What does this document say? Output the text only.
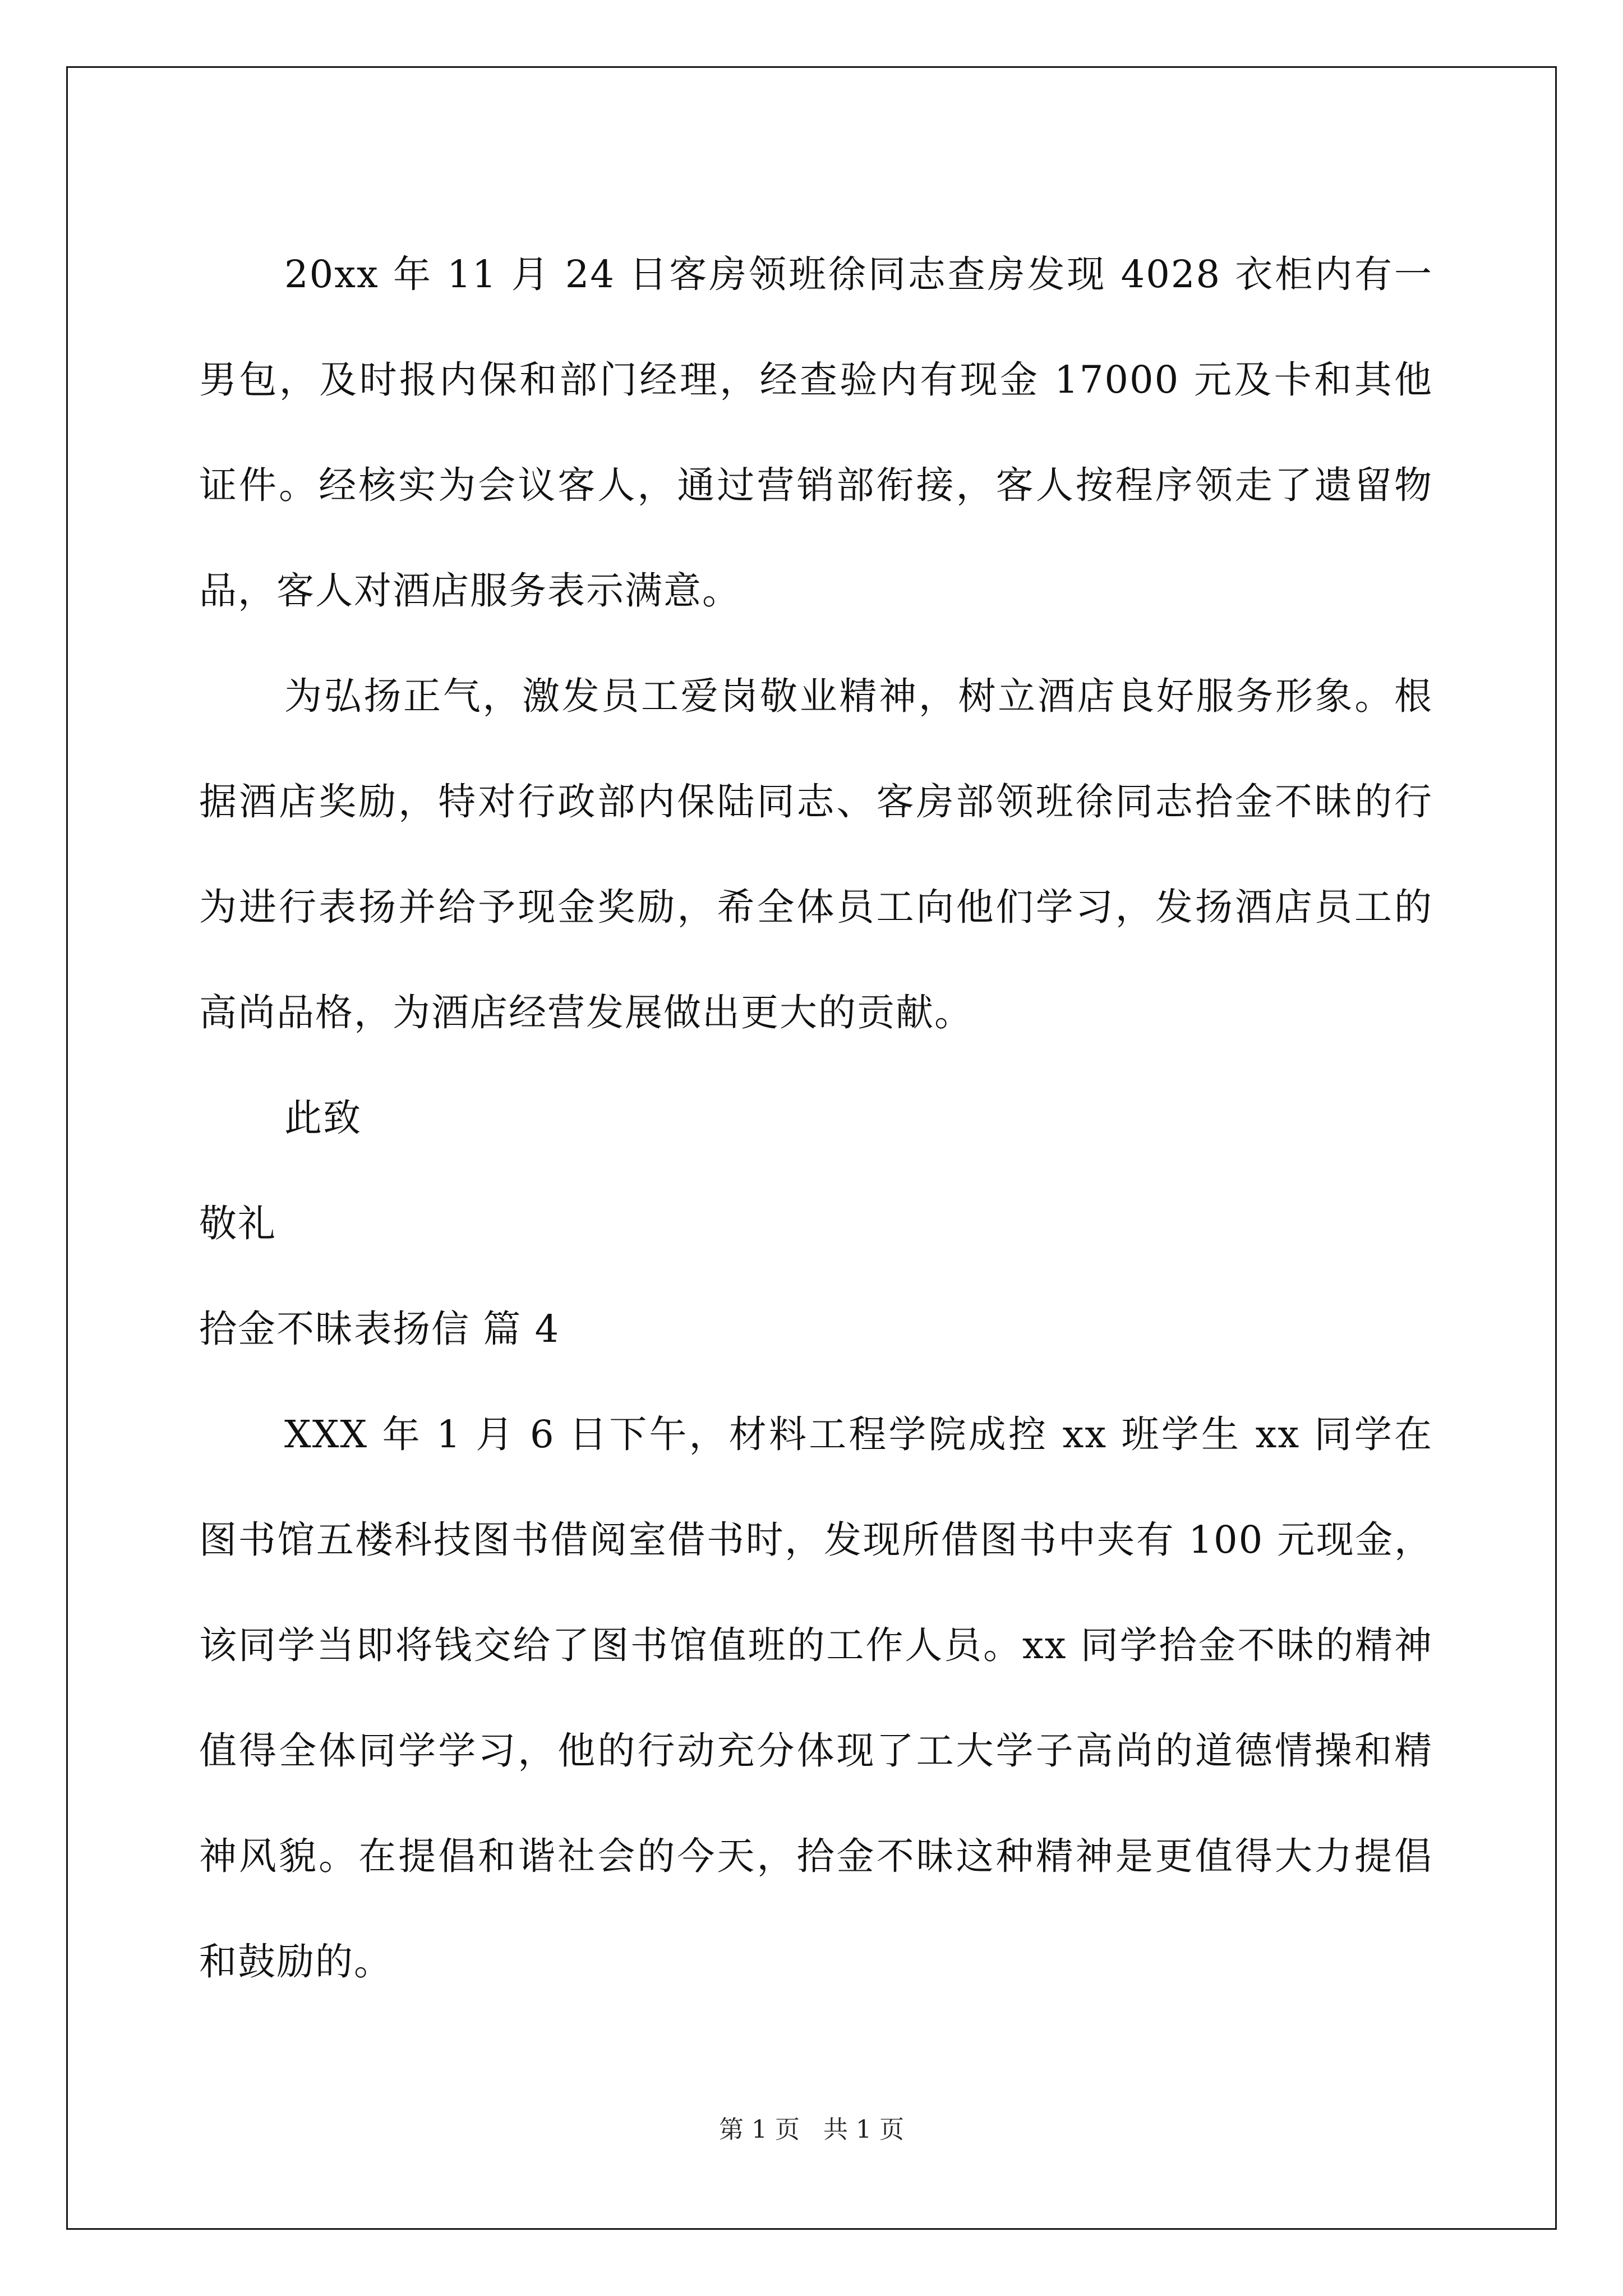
20xx 年 11 月 24 日客房领班徐同志查房发现 4028 衣柜内有一男包，及时报内保和部门经理，经查验内有现金 17000 元及卡和其他证件。经核实为会议客人，通过营销部衔接，客人按程序领走了遗留物品，客人对酒店服务表示满意。

为弘扬正气，激发员工爱岗敬业精神，树立酒店良好服务形象。根据酒店奖励，特对行政部内保陆同志、客房部领班徐同志拾金不昧的行为进行表扬并给予现金奖励，希全体员工向他们学习，发扬酒店员工的高尚品格，为酒店经营发展做出更大的贡献。

此致

敬礼

拾金不昧表扬信 篇 4

XXX 年 1 月 6 日下午，材料工程学院成控 xx 班学生 xx 同学在图书馆五楼科技图书借阅室借书时，发现所借图书中夹有 100 元现金，该同学当即将钱交给了图书馆值班的工作人员。xx 同学拾金不昧的精神值得全体同学学习，他的行动充分体现了工大学子高尚的道德情操和精神风貌。在提倡和谐社会的今天，拾金不昧这种精神是更值得大力提倡和鼓励的。

第 1 页   共 1 页
